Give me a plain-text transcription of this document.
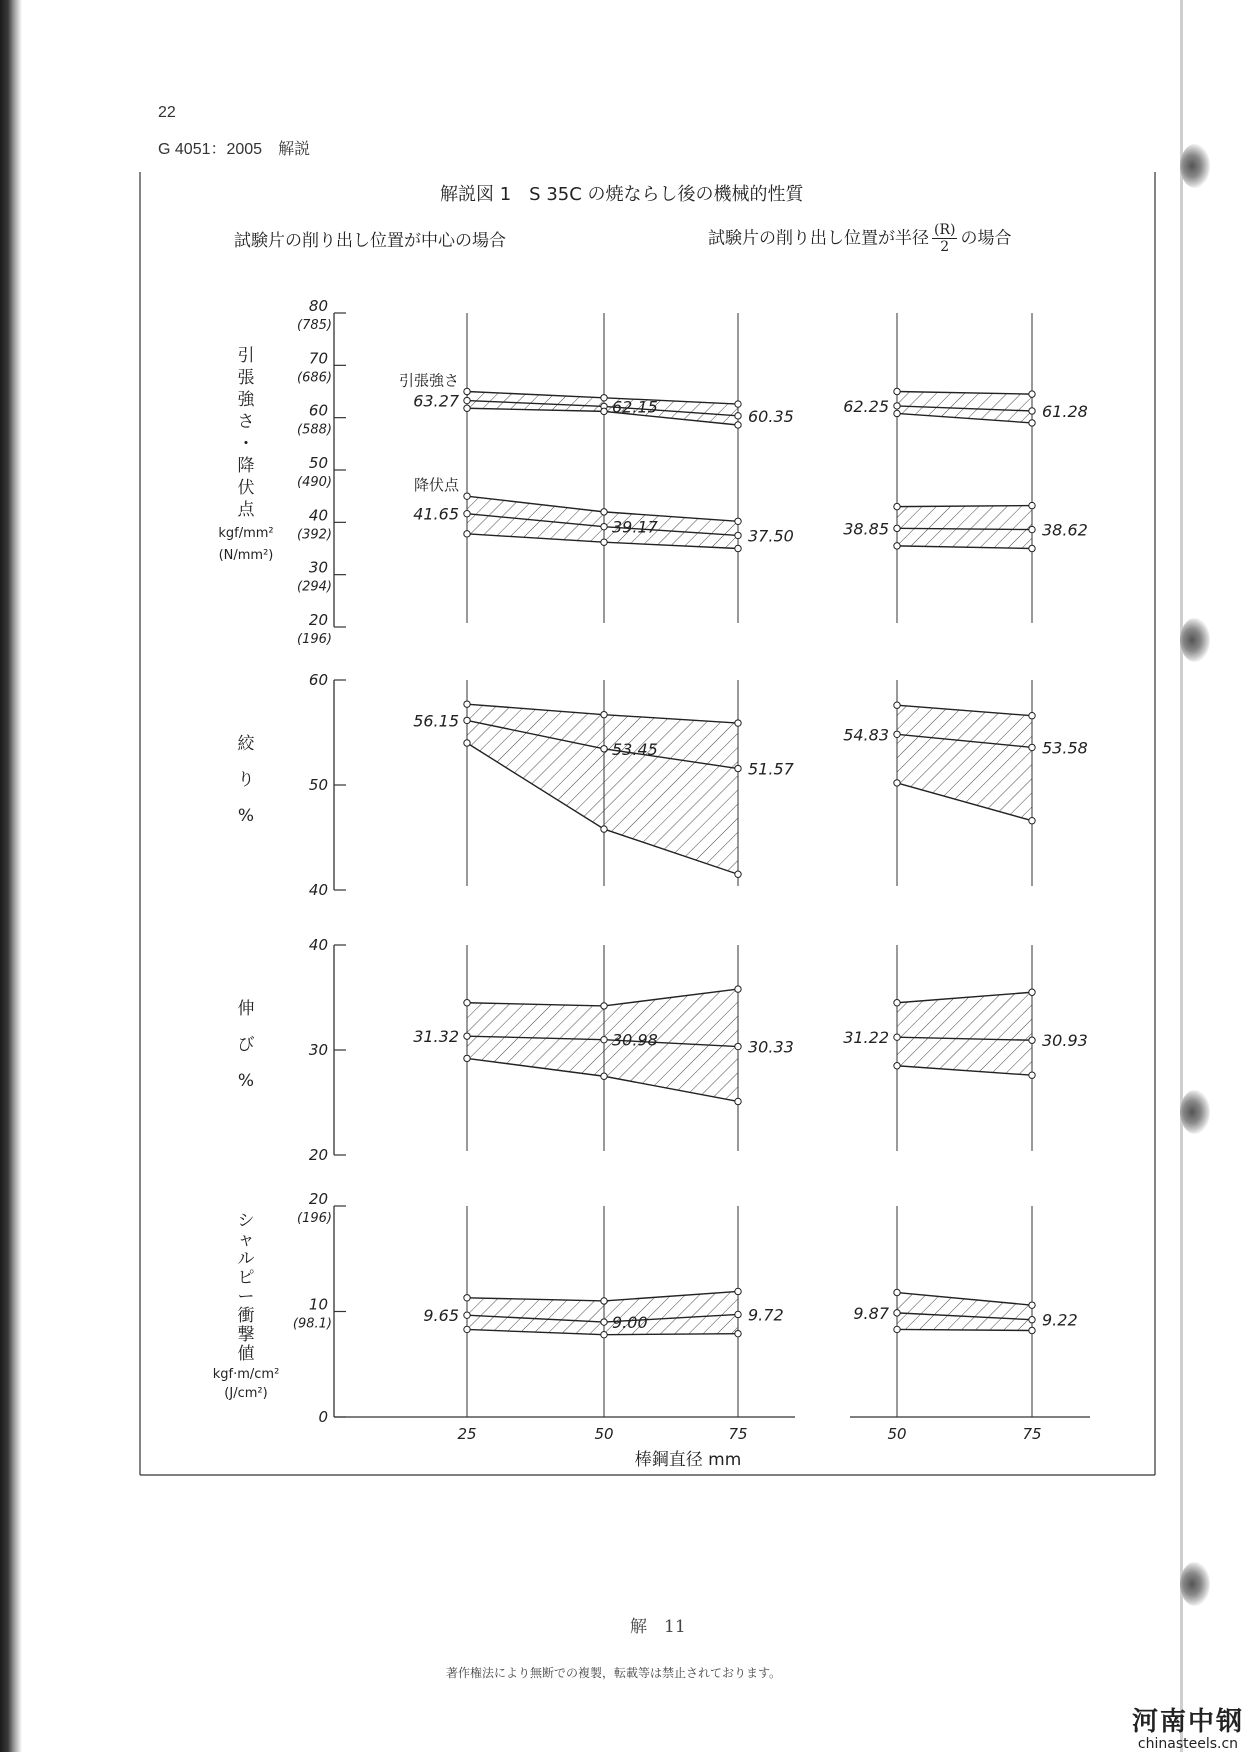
22
G 4051：2005　解説
解説図 1　S 35C の焼ならし後の機械的性質
試験片の削り出し位置が中心の場合	試験片の削り出し位置が半径 $\frac{(R)}{2}$ の場合
80
(785)
70
(686)
60
(588)
50
(490)
40
(392)
30
(294)
20
(196)
引
張
強
さ
・
降
伏
点
kgf/mm²
(N/mm²)
63.27	62.15	60.35
引張強さ
41.65
39.17	37.50
降伏点
62.25	61.28
38.85	38.62
60
50
40
絞
り
%
56.15
53.45
51.57
54.83
53.58
40
30
20
伸
び
%
31.32	30.98	30.33	31.22	30.93
20
(196)
10
(98.1)
0
シ
ャ
ル
ピ
ー
衝
撃
値
kgf·m/cm²
(J/cm²)
9.65	9.00	9.72	9.87	9.22
25	50	75	50	75
棒鋼直径 mm
解　11
著作権法により無断での複製，転載等は禁止されております。
河南中钢
chinasteels.cn
